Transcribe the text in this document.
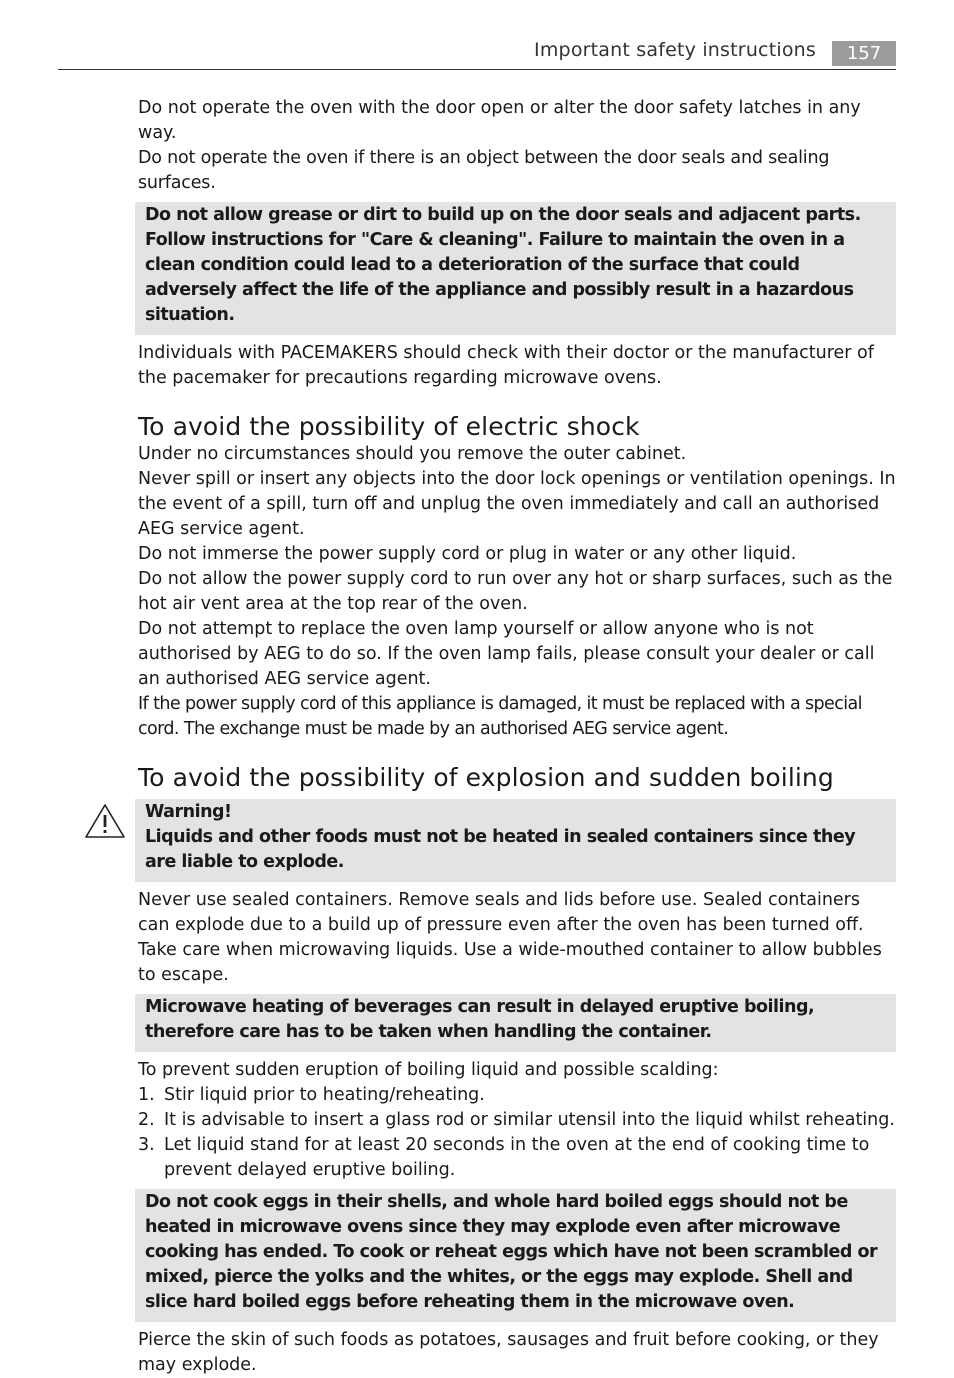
Important safety instructions	157

Do not operate the oven with the door open or alter the door safety latches in any way.

Do not operate the oven if there is an object between the door seals and sealing surfaces.

Do not allow grease or dirt to build up on the door seals and adjacent parts. Follow instructions for "Care & cleaning". Failure to maintain the oven in a clean condition could lead to a deterioration of the surface that could adversely affect the life of the appliance and possibly result in a hazardous situation.

Individuals with PACEMAKERS should check with their doctor or the manufacturer of the pacemaker for precautions regarding microwave ovens.

To avoid the possibility of electric shock

Under no circumstances should you remove the outer cabinet.

Never spill or insert any objects into the door lock openings or ventilation openings. In the event of a spill, turn off and unplug the oven immediately and call an authorised AEG service agent.

Do not immerse the power supply cord or plug in water or any other liquid.

Do not allow the power supply cord to run over any hot or sharp surfaces, such as the hot air vent area at the top rear of the oven.

Do not attempt to replace the oven lamp yourself or allow anyone who is not authorised by AEG to do so. If the oven lamp fails, please consult your dealer or call an authorised AEG service agent.

If the power supply cord of this appliance is damaged, it must be replaced with a special cord. The exchange must be made by an authorised AEG service agent.

To avoid the possibility of explosion and sudden boiling

Warning!

Liquids and other foods must not be heated in sealed containers since they are liable to explode.

Never use sealed containers. Remove seals and lids before use. Sealed containers can explode due to a build up of pressure even after the oven has been turned off.

Take care when microwaving liquids. Use a wide-mouthed container to allow bubbles to escape.

Microwave heating of beverages can result in delayed eruptive boiling, therefore care has to be taken when handling the container.

To prevent sudden eruption of boiling liquid and possible scalding:

1. Stir liquid prior to heating/reheating.
2. It is advisable to insert a glass rod or similar utensil into the liquid whilst reheating.
3. Let liquid stand for at least 20 seconds in the oven at the end of cooking time to prevent delayed eruptive boiling.

Do not cook eggs in their shells, and whole hard boiled eggs should not be heated in microwave ovens since they may explode even after microwave cooking has ended. To cook or reheat eggs which have not been scrambled or mixed, pierce the yolks and the whites, or the eggs may explode. Shell and slice hard boiled eggs before reheating them in the microwave oven.

Pierce the skin of such foods as potatoes, sausages and fruit before cooking, or they may explode.
